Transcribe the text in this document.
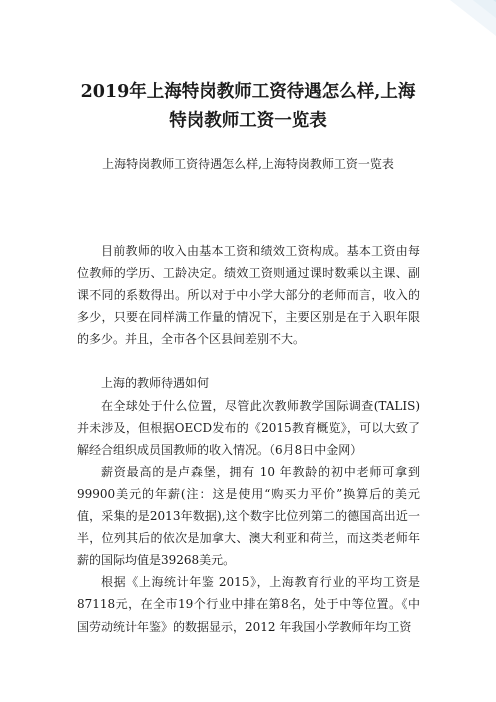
2019年上海特岗教师工资待遇怎么样,上海
特岗教师工资一览表

上海特岗教师工资待遇怎么样,上海特岗教师工资一览表

目前教师的收入由基本工资和绩效工资构成。基本工资由每位教师的学历、工龄决定。绩效工资则通过课时数乘以主课、副课不同的系数得出。所以对于中小学大部分的老师而言，收入的多少，只要在同样满工作量的情况下，主要区别是在于入职年限的多少。并且，全市各个区县间差别不大。

上海的教师待遇如何

在全球处于什么位置，尽管此次教师教学国际调查(TALIS)并未涉及，但根据OECD发布的《2015教育概览》，可以大致了解经合组织成员国教师的收入情况。（6月8日中金网）

薪资最高的是卢森堡，拥有 10 年教龄的初中老师可拿到99900美元的年薪(注：这是使用“购买力平价”换算后的美元值，采集的是2013年数据),这个数字比位列第二的德国高出近一半，位列其后的依次是加拿大、澳大利亚和荷兰，而这类老师年薪的国际均值是39268美元。

根据《上海统计年鉴 2015》，上海教育行业的平均工资是87118元，在全市19个行业中排在第8名，处于中等位置。《中国劳动统计年鉴》的数据显示，2012 年我国小学教师年均工资
